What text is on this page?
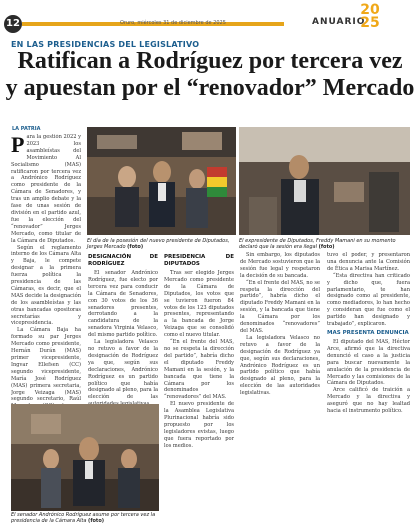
12	Oruro, miércoles 31 de diciembre de 2025	ANUARIO
20
25
EN LAS PRESIDENCIAS DEL LEGISLATIVO
Ratifican a Rodríguez por tercera vez
y apuestan por el “renovador” Mercado
LA PATRIA

Para la gestión 2022 y 2023 los asambleístas del Movimiento Al Socialismo (MAS) ratificaron por tercera vez a Andrónico Rodríguez como presidente de la Cámara de Senadores, y tras un amplio debate y la fase de unas sesión de división en el partido azul, fue la elección del “renovador” Jerges Mercado, como titular de la Cámara de Diputados.

Según el reglamento interno de los Cámara Alta y Baja, le compete designar a la primera fuerza política la presidencia de las Cámaras, es decir, que el MAS decide la designación de los asambleístas y las otras bancadas opositoras secretarías y vicepresidencia.

La Cámara Baja ha formado su par Jerges Mercado como presidente, Hernán Durán (MAS) primer vicepresidente, Ingvar Ellefsen (CC) segundo vicepresidente, María José Rodríguez (MAS) primera secretaria, Jorge Veizaga (MAS) segundo secretario, Raúl

El día de la posesión del nuevo presidente de Diputados, Jerges Mercado (foto)
El expresidente de Diputados, Freddy Mamani en su momento declaró que la sesión era ilegal (foto)
DESIGNACIÓN DE RODRÍGUEZ

El senador Andrónico Rodríguez, fue electo por tercera vez para conducir la Cámara de Senadores, con 30 votos de los 36 senadores presentes, derrotando a la candidatura de la senadora Virginia Velasco, del mismo partido político.

La legisladora Velasco no retuvo a favor de la designación de Rodríguez ya que, según sus declaraciones, Andrónico Rodríguez es un partido político que había designado al pleno, para la elección de las

PRESIDENCIA DE DIPUTADOS

Tras ser elegido Jerges Mercado como presidente de la Cámara de Diputados, los votos que se tuvieron fueron 84 votos de los 123 diputados presentes, representando a la bancada de Jorge Veizaga que se consolidó como el nuevo titular.

“En el frente del MAS, no se respeta la dirección del partido”, habría dicho el diputado Freddy Mamani en la sesión, y la bancada que tiene la Cámara por los denominados “renovadores” del MAS.

El nuevo presidente de la Asamblea Legislativa Plurinacional habría sido propuesto por los legisladores evistas, luego que fuera reportado por los medios.

Sin embargo, los diputados de Mercado sostuvieron que la sesión fue legal y respetaron la decisión de su bancada.

“En el frente del MAS, no se respeta la dirección del partido”, habría dicho el diputado Freddy Mamani en la sesión, y la bancada que tiene la Cámara por los denominados “renovadores” del MAS.

La legisladora Velasco no retuvo a favor de la designación de Rodríguez ya que, según sus declaraciones, Andrónico Rodríguez es un partido político que había designado al pleno, para la elección de las autoridades legislativas.

tuvo el poder, y presentaron una denuncia ante la Comisión de Ética a Marisa Martínez.

“Esta directiva han criticado y dicho que, fuera parlamentario, te han designado como al presidente, como mediadores, lo han hecho y consideran que fue como el partido han designado y trabajado”, explicaron.

MAS PRESENTA DENUNCIA

El diputado del MAS, Héctor Arce, afirmó que la directiva denunció el caso a la justicia para buscar nuevamente la anulación de la presidencia de Mercado y las comisiones de la Cámara de Diputados.

Arce calificó de traición a Mercado y la directiva y aseguró que no hay lealtad hacia el instrumento político.

El senador Andrónico Rodríguez asume por tercera vez la presidencia de la Cámara Alta (foto)
